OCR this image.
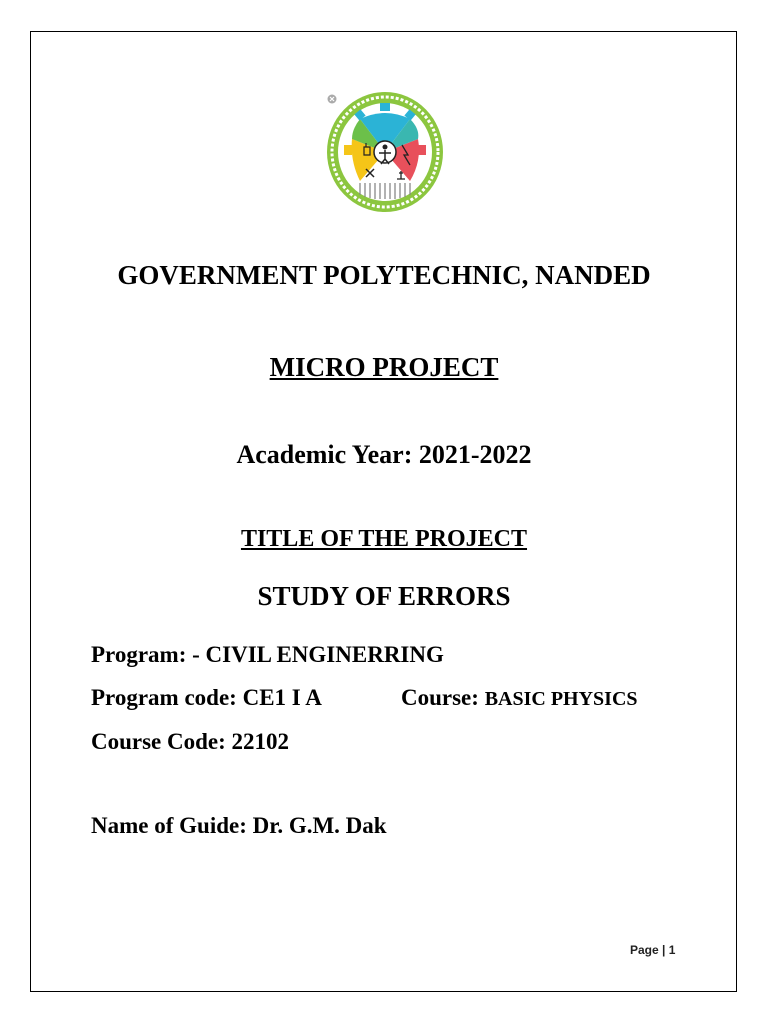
GOVERNMENT POLYTECHNIC, NANDED
MICRO PROJECT
Academic Year: 2021-2022
TITLE OF THE PROJECT
STUDY OF ERRORS
Program: - CIVIL ENGINERRING
Program code: CE1 I A	Course: BASIC PHYSICS
Course Code: 22102
Name of Guide: Dr. G.M. Dak
Page | 1
